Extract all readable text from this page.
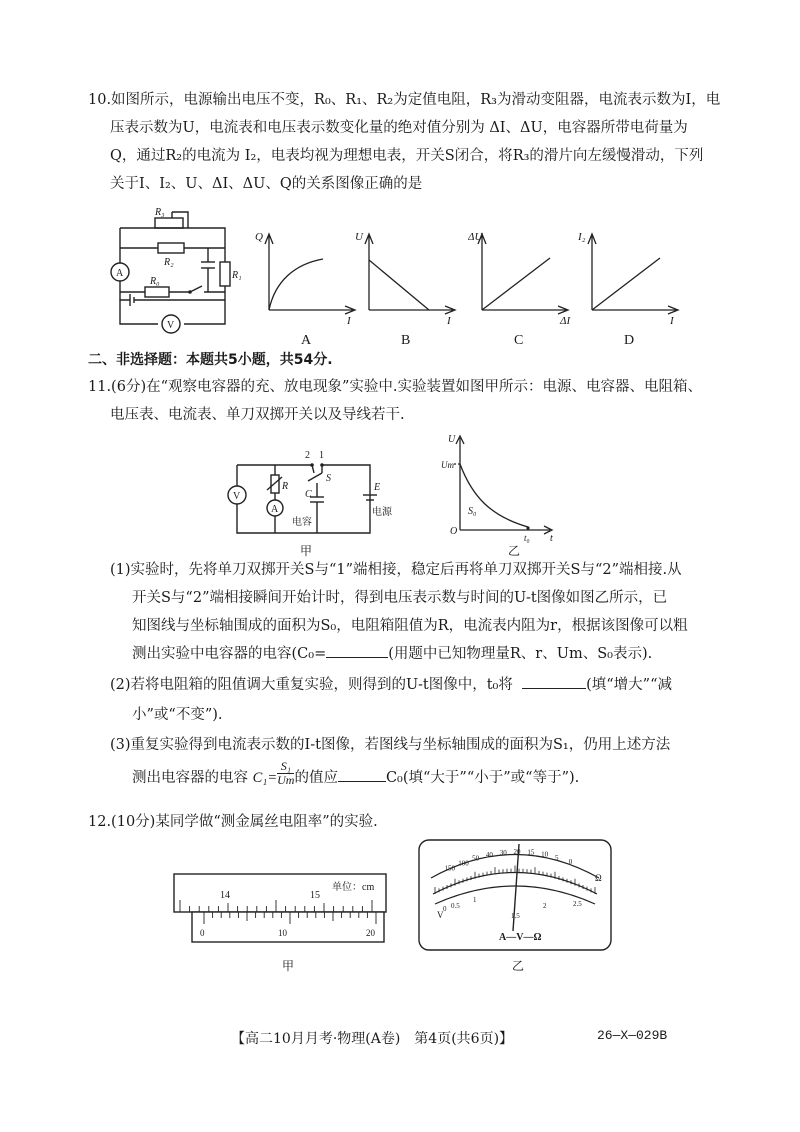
10.如图所示，电源输出电压不变，R₀、R₁、R₂为定值电阻，R₃为滑动变阻器，电流表示数为I，电
压表示数为U，电流表和电压表示数变化量的绝对值分别为 ΔI、ΔU，电容器所带电荷量为
Q，通过R₂的电流为 I₂，电表均视为理想电表，开关S闭合，将R₃的滑片向左缓慢滑动，下列
关于I、I₂、U、ΔI、ΔU、Q的关系图像正确的是
R₃
R₂
R₁
R₀
A
V
Q
I
A
U
I
B
ΔU
ΔI
C
I₂
I
D
二、非选择题：本题共5小题，共54分.
11.(6分)在“观察电容器的充、放电现象”实验中.实验装置如图甲所示：电源、电容器、电阻箱、
电压表、电流表、单刀双掷开关以及导线若干.
V
A
R
2 1
S
C
电容
E
电源
甲
U
Um
S₀
O
t₀ t
乙
(1)实验时，先将单刀双掷开关S与“1”端相接，稳定后再将单刀双掷开关S与“2”端相接.从
开关S与“2”端相接瞬间开始计时，得到电压表示数与时间的U-t图像如图乙所示，已
知图线与坐标轴围成的面积为S₀，电阻箱阻值为R，电流表内阻为r，根据该图像可以粗
测出实验中电容器的电容(C₀=	(用题中已知物理量R、r、Um、S₀表示).
(2)若将电阻箱的阻值调大重复实验，则得到的U-t图像中，t₀将	(填“增大”“减
小”或“不变”).
(3)重复实验得到电流表示数的I-t图像，若图线与坐标轴围成的面积为S₁，仍用上述方法
测出电容器的电容 $C_1= \frac{\text{S₁}}{Um}$ 的值应	C₀(填“大于”“小于”或“等于”).
12.(10分)某同学做“测金属丝电阻率”的实验.
14	15
单位：cm
0	10	20
甲
150
100
50 40 30 20 15 10 5
0
Ω
V
0 0.5
1
1.5
2	2.5
A—V—Ω
乙
【高二10月月考·物理(A卷)　第4页(共6页)】	26—X—029B
